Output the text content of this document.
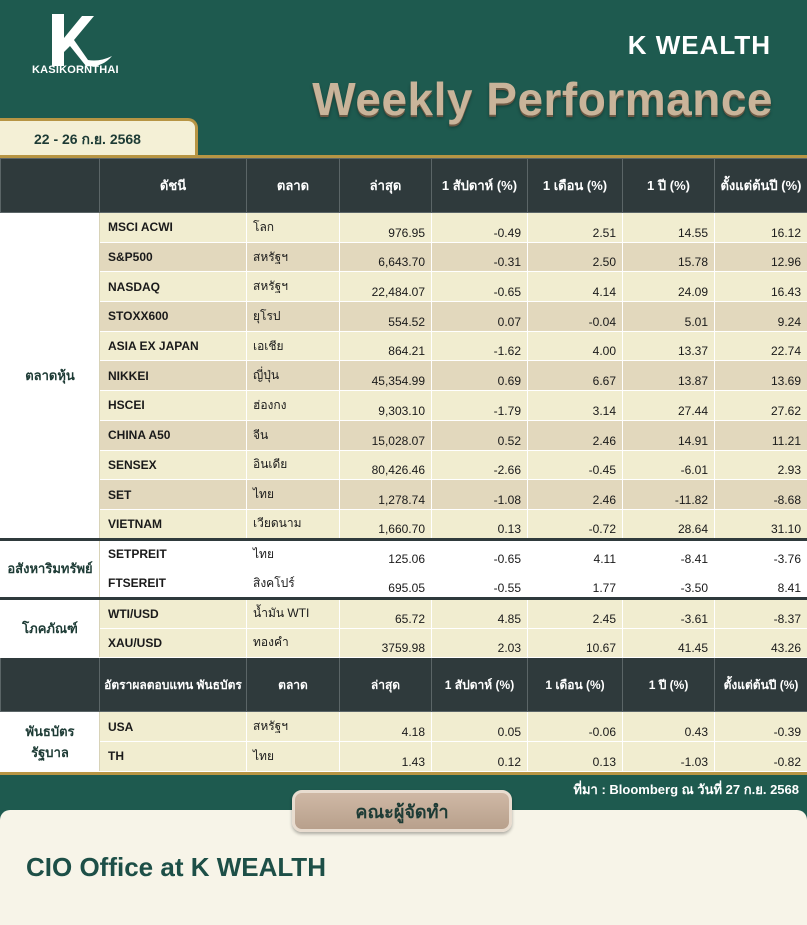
KASIKORNTHAI
K WEALTH
Weekly Performance
22 - 26 ก.ย. 2568
	ดัชนี	ตลาด	ล่าสุด	1 สัปดาห์ (%)	1 เดือน (%)	1 ปี (%)	ตั้งแต่ต้นปี (%)
ตลาดหุ้น	MSCI ACWI	โลก	976.95	-0.49	2.51	14.55	16.12
	S&P500	สหรัฐฯ	6,643.70	-0.31	2.50	15.78	12.96
	NASDAQ	สหรัฐฯ	22,484.07	-0.65	4.14	24.09	16.43
	STOXX600	ยุโรป	554.52	0.07	-0.04	5.01	9.24
	ASIA EX JAPAN	เอเชีย	864.21	-1.62	4.00	13.37	22.74
	NIKKEI	ญี่ปุ่น	45,354.99	0.69	6.67	13.87	13.69
	HSCEI	ฮ่องกง	9,303.10	-1.79	3.14	27.44	27.62
	CHINA A50	จีน	15,028.07	0.52	2.46	14.91	11.21
	SENSEX	อินเดีย	80,426.46	-2.66	-0.45	-6.01	2.93
	SET	ไทย	1,278.74	-1.08	2.46	-11.82	-8.68
	VIETNAM	เวียดนาม	1,660.70	0.13	-0.72	28.64	31.10
อสังหาริมทรัพย์	SETPREIT	ไทย	125.06	-0.65	4.11	-8.41	-3.76
	FTSEREIT	สิงคโปร์	695.05	-0.55	1.77	-3.50	8.41
โภคภัณฑ์	WTI/USD	น้ำมัน WTI	65.72	4.85	2.45	-3.61	-8.37
	XAU/USD	ทองคำ	3759.98	2.03	10.67	41.45	43.26
	อัตราผลตอบแทน พันธบัตร	ตลาด	ล่าสุด	1 สัปดาห์ (%)	1 เดือน (%)	1 ปี (%)	ตั้งแต่ต้นปี (%)
พันธบัตรรัฐบาล	USA	สหรัฐฯ	4.18	0.05	-0.06	0.43	-0.39
	TH	ไทย	1.43	0.12	0.13	-1.03	-0.82
ที่มา : Bloomberg ณ วันที่ 27 ก.ย. 2568
คณะผู้จัดทำ
CIO Office at K WEALTH
